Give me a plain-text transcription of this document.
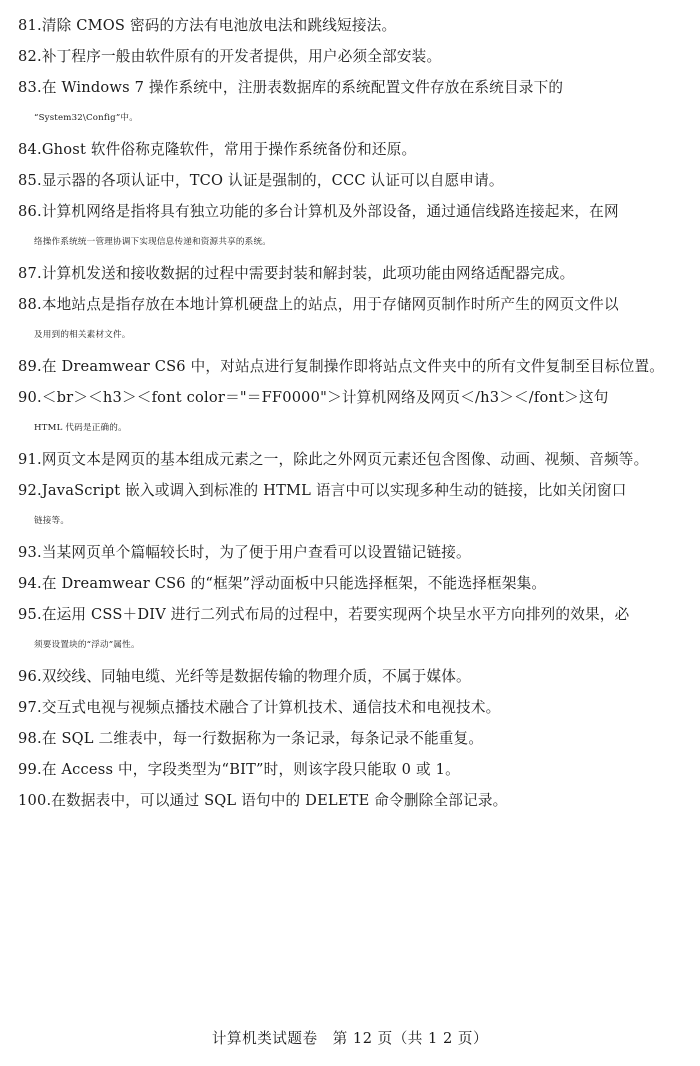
81. 清除 CMOS 密码的方法有电池放电法和跳线短接法。
82. 补丁程序一般由软件原有的开发者提供，用户必须全部安装。
83. 在 Windows 7 操作系统中，注册表数据库的系统配置文件存放在系统目录下的
“System32\Config”中。
84. Ghost 软件俗称克隆软件，常用于操作系统备份和还原。
85. 显示器的各项认证中，TCO 认证是强制的，CCC 认证可以自愿申请。
86. 计算机网络是指将具有独立功能的多台计算机及外部设备，通过通信线路连接起来，在网
络操作系统统一管理协调下实现信息传递和资源共享的系统。
87. 计算机发送和接收数据的过程中需要封装和解封装，此项功能由网络适配器完成。
88. 本地站点是指存放在本地计算机硬盘上的站点，用于存储网页制作时所产生的网页文件以
及用到的相关素材文件。
89. 在 Dreamwear CS6 中，对站点进行复制操作即将站点文件夹中的所有文件复制至目标位置。
90. ＜br＞＜h3＞＜font color＝"＝FF0000"＞计算机网络及网页＜/h3＞＜/font＞这句
HTML 代码是正确的。
91. 网页文本是网页的基本组成元素之一，除此之外网页元素还包含图像、动画、视频、音频等。
92. JavaScript 嵌入或调入到标准的 HTML 语言中可以实现多种生动的链接，比如关闭窗口
链接等。
93. 当某网页单个篇幅较长时，为了便于用户查看可以设置锚记链接。
94. 在 Dreamwear CS6 的“框架”浮动面板中只能选择框架，不能选择框架集。
95. 在运用 CSS＋DIV 进行二列式布局的过程中，若要实现两个块呈水平方向排列的效果，必
须要设置块的“浮动”属性。
96. 双绞线、同轴电缆、光纤等是数据传输的物理介质，不属于媒体。
97. 交互式电视与视频点播技术融合了计算机技术、通信技术和电视技术。
98. 在 SQL 二维表中，每一行数据称为一条记录，每条记录不能重复。
99. 在 Access 中，字段类型为“BIT”时，则该字段只能取 0 或 1。
100. 在数据表中，可以通过 SQL 语句中的 DELETE 命令删除全部记录。
计算机类试题卷　第 12 页（共 1 2 页）
